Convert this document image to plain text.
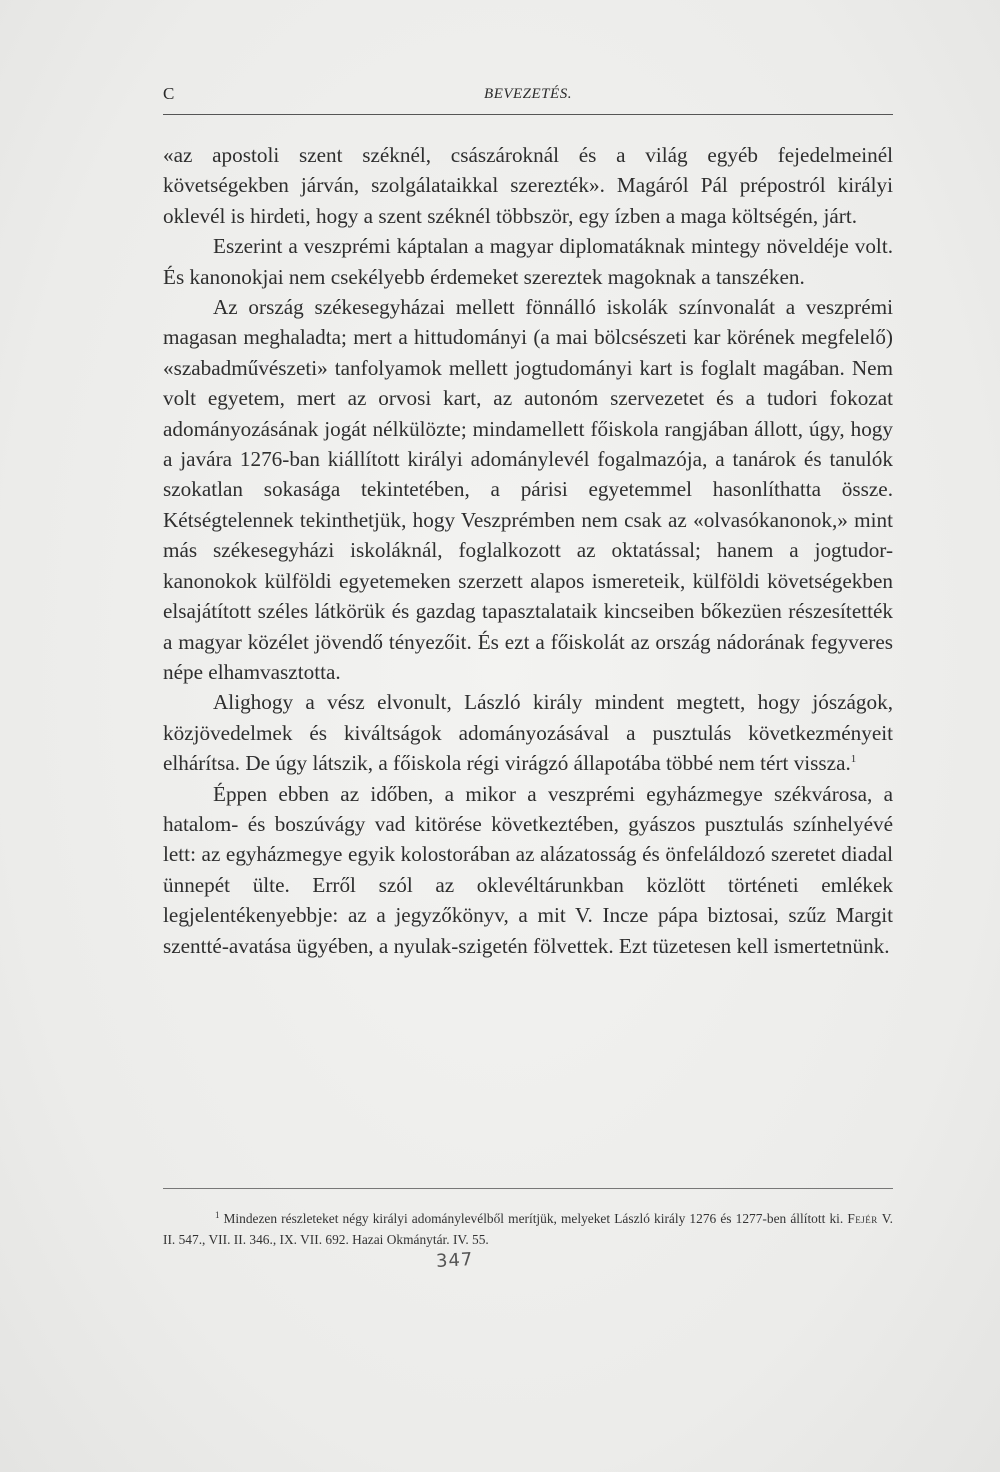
C	BEVEZETÉS.

«az apostoli szent széknél, császároknál és a világ egyéb fejedelmeinél követségekben járván, szolgálataikkal szerezték». Magáról Pál prépostról királyi oklevél is hirdeti, hogy a szent széknél többször, egy ízben a maga költségén, járt.

Eszerint a veszprémi káptalan a magyar diplomatáknak mintegy növeldéje volt. És kanonokjai nem csekélyebb érdemeket szereztek magoknak a tanszéken.

Az ország székesegyházai mellett fönnálló iskolák színvonalát a veszprémi magasan meghaladta; mert a hittudományi (a mai bölcsészeti kar körének megfelelő) «szabadművészeti» tanfolyamok mellett jogtudományi kart is foglalt magában. Nem volt egyetem, mert az orvosi kart, az autonóm szervezetet és a tudori fokozat adományozásának jogát nélkülözte; mindamellett főiskola rangjában állott, úgy, hogy a javára 1276-ban kiállított királyi adománylevél fogalmazója, a tanárok és tanulók szokatlan sokasága tekintetében, a párisi egyetemmel hasonlíthatta össze. Kétségtelennek tekinthetjük, hogy Veszprémben nem csak az «olvasókanonok,» mint más székesegyházi iskoláknál, foglalkozott az oktatással; hanem a jogtudor-kanonokok külföldi egyetemeken szerzett alapos ismereteik, külföldi követségekben elsajátított széles látkörük és gazdag tapasztalataik kincseiben bőkezüen részesítették a magyar közélet jövendő tényezőit. És ezt a főiskolát az ország nádorának fegyveres népe elhamvasztotta.

Alighogy a vész elvonult, László király mindent megtett, hogy jószágok, közjövedelmek és kiváltságok adományozásával a pusztulás következményeit elhárítsa. De úgy látszik, a főiskola régi virágzó állapotába többé nem tért vissza.$^1$

Éppen ebben az időben, a mikor a veszprémi egyházmegye székvárosa, a hatalom- és boszúvágy vad kitörése következtében, gyászos pusztulás színhelyévé lett: az egyházmegye egyik kolostorában az alázatosság és önfeláldozó szeretet diadal ünnepét ülte. Erről szól az oklevéltárunkban közlött történeti emlékek legjelentékenyebbje: az a jegyzőkönyv, a mit V. Incze pápa biztosai, szűz Margit szentté-avatása ügyében, a nyulak-szigetén fölvettek. Ezt tüzetesen kell ismertetnünk.

$^1$ Mindezen részleteket négy királyi adománylevélből merítjük, melyeket László király 1276 és 1277-ben állított ki. Fejér V. II. 547., VII. II. 346., IX. VII. 692. Hazai Okmánytár. IV. 55.

347
